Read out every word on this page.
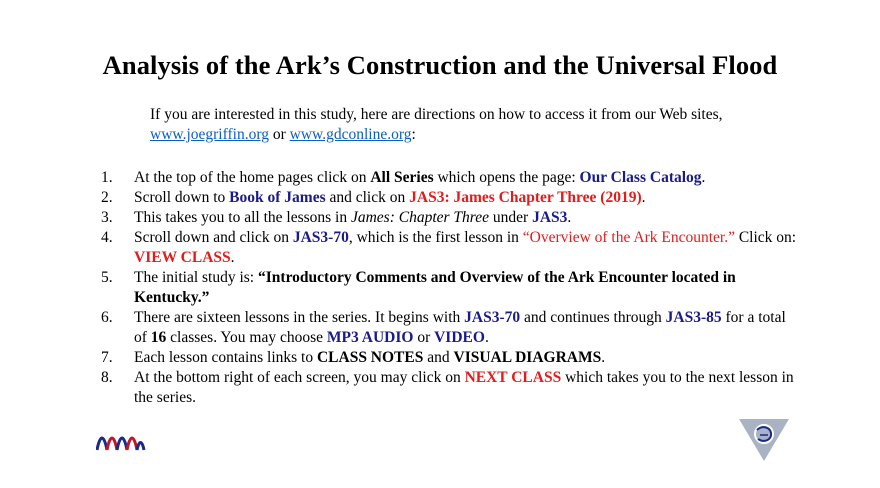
Analysis of the Ark’s Construction and the Universal Flood
If you are interested in this study, here are directions on how to access it from our Web sites,
www.joegriffin.org or www.gdconline.org:
1.	At the top of the home pages click on All Series which opens the page: Our Class Catalog.
2.	Scroll down to Book of James and click on JAS3: James Chapter Three (2019).
3.	This takes you to all the lessons in James: Chapter Three under JAS3.
4.	Scroll down and click on JAS3-70, which is the first lesson in “Overview of the Ark Encounter.” Click on: VIEW CLASS.
5.	The initial study is: “Introductory Comments and Overview of the Ark Encounter located in Kentucky.”
6.	There are sixteen lessons in the series. It begins with JAS3-70 and continues through JAS3-85 for a total of 16 classes. You may choose MP3 AUDIO or VIDEO.
7.	Each lesson contains links to CLASS NOTES and VISUAL DIAGRAMS.
8.	At the bottom right of each screen, you may click on NEXT CLASS which takes you to the next lesson in the series.
